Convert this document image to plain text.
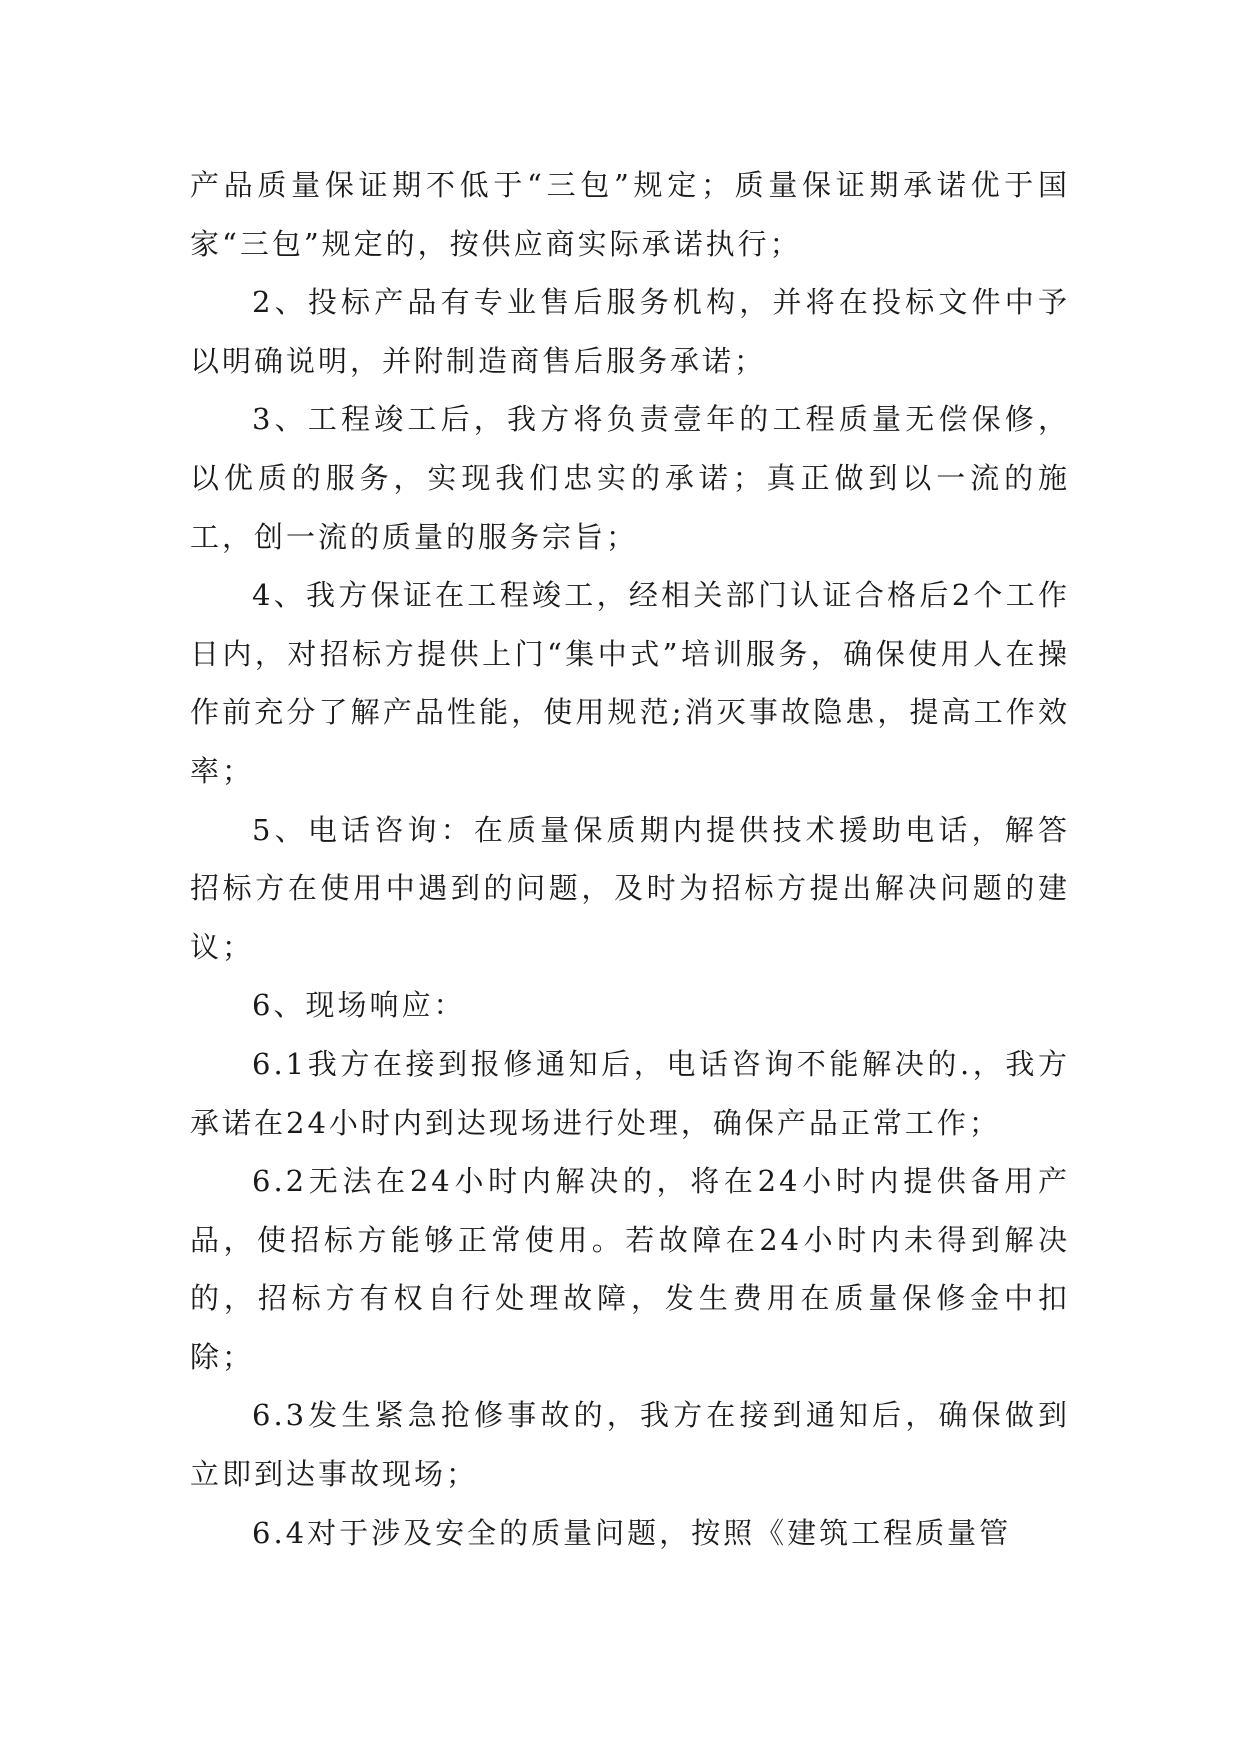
产品质量保证期不低于“三包”规定；质量保证期承诺优于国家“三包”规定的，按供应商实际承诺执行；

2、投标产品有专业售后服务机构，并将在投标文件中予以明确说明，并附制造商售后服务承诺；

3、工程竣工后，我方将负责壹年的工程质量无偿保修，以优质的服务，实现我们忠实的承诺；真正做到以一流的施工，创一流的质量的服务宗旨；

4、我方保证在工程竣工，经相关部门认证合格后2个工作日内，对招标方提供上门“集中式”培训服务，确保使用人在操作前充分了解产品性能，使用规范;消灭事故隐患，提高工作效率；

5、电话咨询：在质量保质期内提供技术援助电话，解答招标方在使用中遇到的问题，及时为招标方提出解决问题的建议；

6、现场响应：

6.1我方在接到报修通知后，电话咨询不能解决的.，我方承诺在24小时内到达现场进行处理，确保产品正常工作；

6.2无法在24小时内解决的，将在24小时内提供备用产品，使招标方能够正常使用。若故障在24小时内未得到解决的，招标方有权自行处理故障，发生费用在质量保修金中扣除；

6.3发生紧急抢修事故的，我方在接到通知后，确保做到立即到达事故现场；

6.4对于涉及安全的质量问题，按照《建筑工程质量管
